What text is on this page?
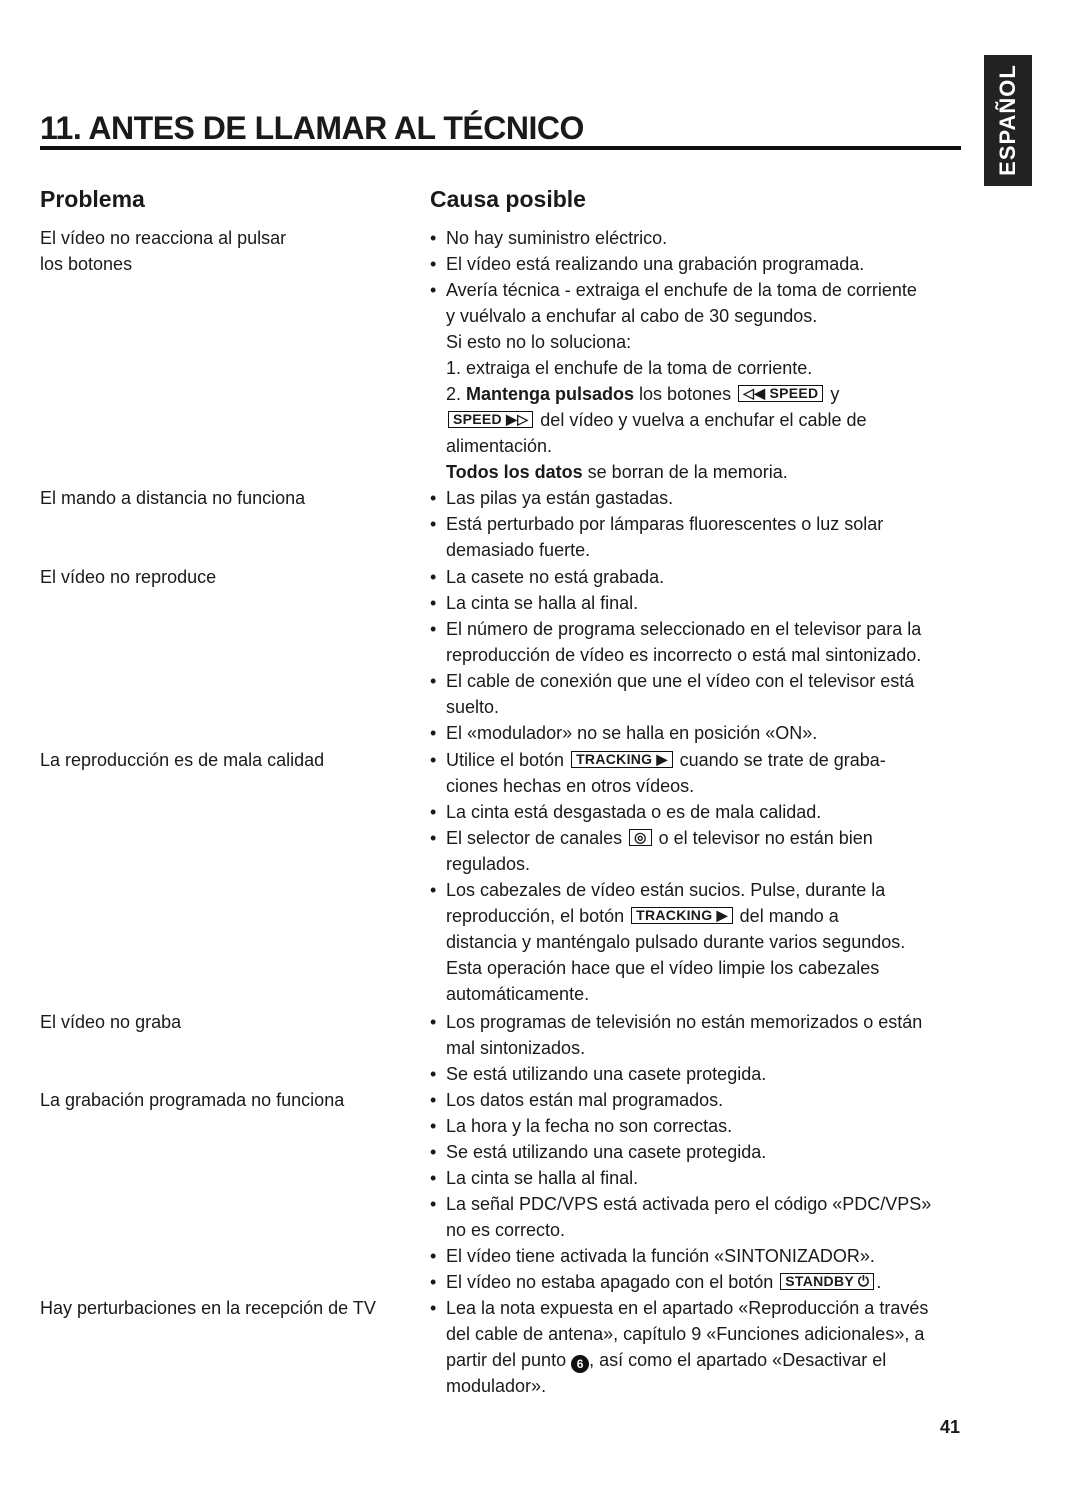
ESPAÑOL
11. ANTES DE LLAMAR AL TÉCNICO
Problema	Causa posible
El vídeo no reacciona al pulsar
los botones
El mando a distancia no funciona
El vídeo no reproduce
La reproducción es de mala calidad
El vídeo no graba
La grabación programada no funciona
Hay perturbaciones en la recepción de TV
• No hay suministro eléctrico.
• El vídeo está realizando una grabación programada.
• Avería técnica - extraiga el enchufe de la toma de corriente
y vuélvalo a enchufar al cabo de 30 segundos.
Si esto no lo soluciona:
1. extraiga el enchufe de la toma de corriente.
2. Mantenga pulsados los botones ◁◀ SPEED y
SPEED ▶▷ del vídeo y vuelva a enchufar el cable de
alimentación.
Todos los datos se borran de la memoria.
• Las pilas ya están gastadas.
• Está perturbado por lámparas fluorescentes o luz solar
demasiado fuerte.
• La casete no está grabada.
• La cinta se halla al final.
• El número de programa seleccionado en el televisor para la
reproducción de vídeo es incorrecto o está mal sintonizado.
• El cable de conexión que une el vídeo con el televisor está
suelto.
• El «modulador» no se halla en posición «ON».
• Utilice el botón TRACKING ▶ cuando se trate de graba-
ciones hechas en otros vídeos.
• La cinta está desgastada o es de mala calidad.
• El selector de canales ◎ o el televisor no están bien
regulados.
• Los cabezales de vídeo están sucios. Pulse, durante la
reproducción, el botón TRACKING ▶ del mando a
distancia y manténgalo pulsado durante varios segundos.
Esta operación hace que el vídeo limpie los cabezales
automáticamente.
• Los programas de televisión no están memorizados o están
mal sintonizados.
• Se está utilizando una casete protegida.
• Los datos están mal programados.
• La hora y la fecha no son correctas.
• Se está utilizando una casete protegida.
• La cinta se halla al final.
• La señal PDC/VPS está activada pero el código «PDC/VPS»
no es correcto.
• El vídeo tiene activada la función «SINTONIZADOR».
• El vídeo no estaba apagado con el botón STANDBY ⏻ .
• Lea la nota expuesta en el apartado «Reproducción a través
del cable de antena», capítulo 9 «Funciones adicionales», a
partir del punto 6 , así como el apartado «Desactivar el
modulador».
41
